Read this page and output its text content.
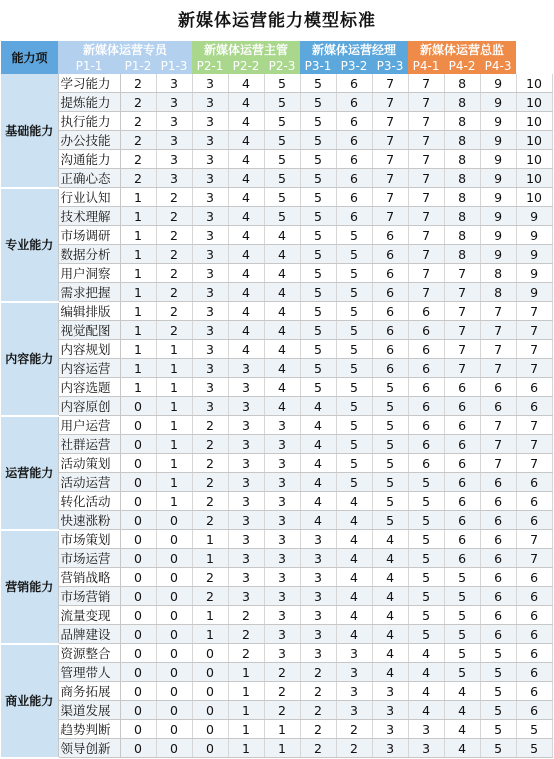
新媒体运营能力模型标准
能力项	新媒体运营专员			新媒体运营主管			新媒体运营经理			新媒体运营总监			
	P1-1	P1-2	P1-3	P2-1	P2-2	P2-3	P3-1	P3-2	P3-3	P4-1	P4-2	P4-3	
基础能力	学习能力	2	3	3	4	5	5	6	7	7	8	9	10
	提炼能力	2	3	3	4	5	5	6	7	7	8	9	10
	执行能力	2	3	3	4	5	5	6	7	7	8	9	10
	办公技能	2	3	3	4	5	5	6	7	7	8	9	10
	沟通能力	2	3	3	4	5	5	6	7	7	8	9	10
	正确心态	2	3	3	4	5	5	6	7	7	8	9	10
专业能力	行业认知	1	2	3	4	5	5	6	7	7	8	9	10
	技术理解	1	2	3	4	5	5	6	7	7	8	9	9
	市场调研	1	2	3	4	4	5	5	6	7	8	9	9
	数据分析	1	2	3	4	4	5	5	6	7	8	9	9
	用户洞察	1	2	3	4	4	5	5	6	7	7	8	9
	需求把握	1	2	3	4	4	5	5	6	7	7	8	9
内容能力	编辑排版	1	2	3	4	4	5	5	6	6	7	7	7
	视觉配图	1	2	3	4	4	5	5	6	6	7	7	7
	内容规划	1	1	3	4	4	5	5	6	6	7	7	7
	内容运营	1	1	3	3	4	5	5	6	6	7	7	7
	内容选题	1	1	3	3	4	5	5	5	6	6	6	6
	内容原创	0	1	3	3	4	4	5	5	6	6	6	6
运营能力	用户运营	0	1	2	3	3	4	5	5	6	6	7	7
	社群运营	0	1	2	3	3	4	5	5	6	6	7	7
	活动策划	0	1	2	3	3	4	5	5	6	6	7	7
	活动运营	0	1	2	3	3	4	5	5	5	6	6	6
	转化活动	0	1	2	3	3	4	4	5	5	6	6	6
	快速涨粉	0	0	2	3	3	4	4	5	5	6	6	6
营销能力	市场策划	0	0	1	3	3	3	4	4	5	6	6	7
	市场运营	0	0	1	3	3	3	4	4	5	6	6	7
	营销战略	0	0	2	3	3	3	4	4	5	5	6	6
	市场营销	0	0	2	3	3	3	4	4	5	5	6	6
	流量变现	0	0	1	2	3	3	4	4	5	5	6	6
	品牌建设	0	0	1	2	3	3	4	4	5	5	6	6
商业能力	资源整合	0	0	0	2	3	3	3	4	4	5	5	6
	管理带人	0	0	0	1	2	2	3	4	4	5	5	6
	商务拓展	0	0	0	1	2	2	3	3	4	4	5	6
	渠道发展	0	0	0	1	2	2	3	3	4	4	5	6
	趋势判断	0	0	0	1	1	2	2	3	3	4	5	5
	领导创新	0	0	0	1	1	2	2	3	3	4	5	5
